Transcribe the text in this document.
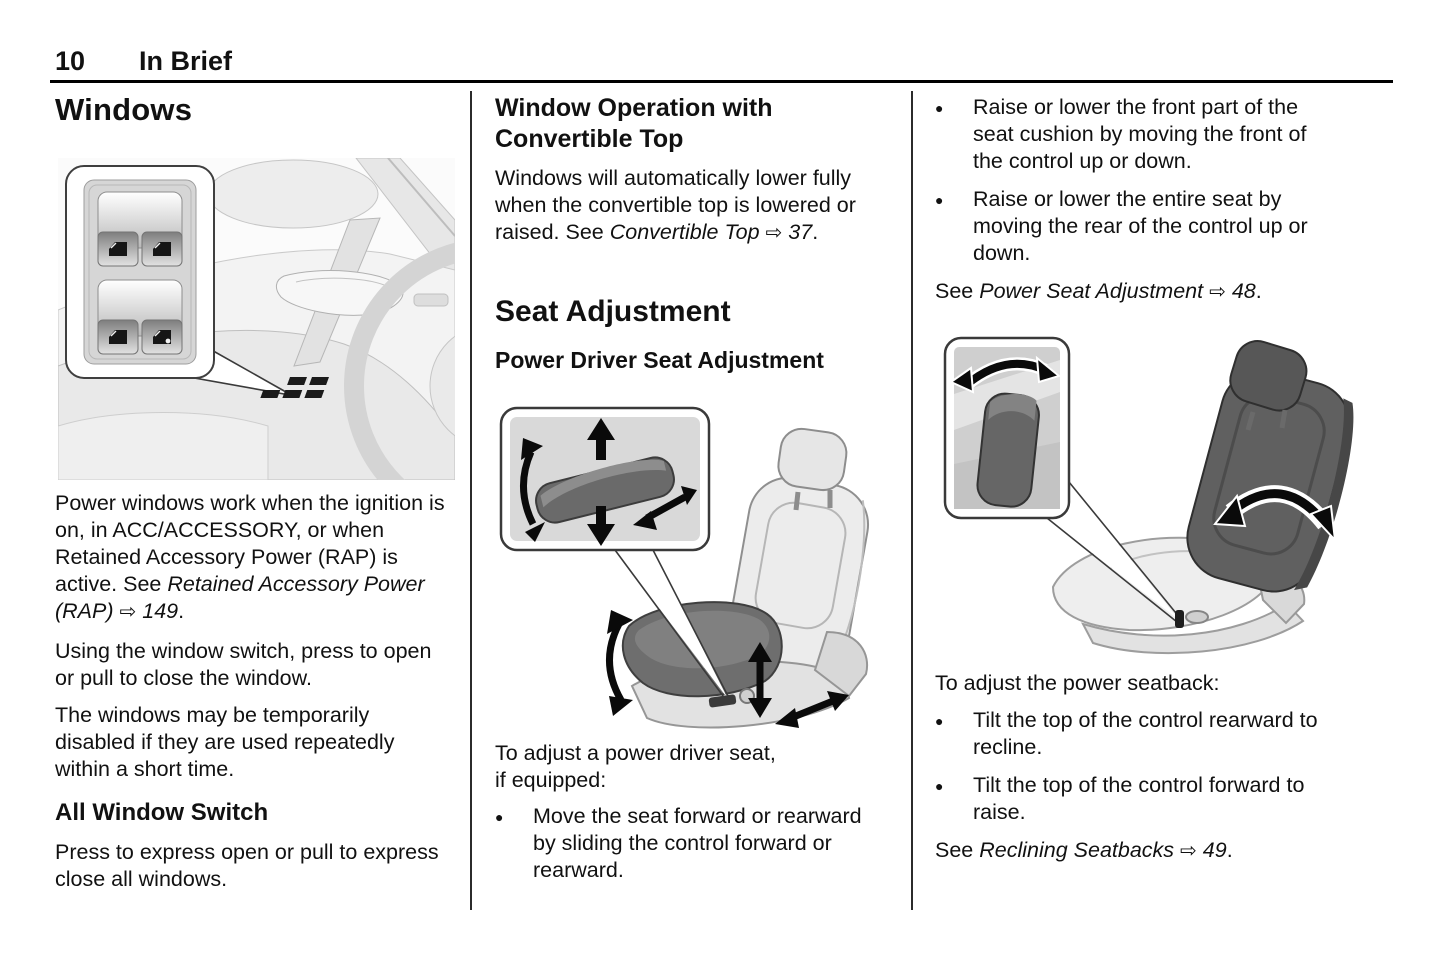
10 In Brief
Windows
Power windows work when the ignition is on, in ACC/ACCESSORY, or when Retained Accessory Power (RAP) is active. See Retained Accessory Power (RAP) ⇨ 149.
Using the window switch, press to open or pull to close the window.
The windows may be temporarily disabled if they are used repeatedly within a short time.
All Window Switch
Press to express open or pull to express close all windows.
Window Operation with Convertible Top
Windows will automatically lower fully when the convertible top is lowered or raised. See Convertible Top ⇨ 37.
Seat Adjustment
Power Driver Seat Adjustment
To adjust a power driver seat,
if equipped:
● Move the seat forward or rearward by sliding the control forward or rearward.
● Raise or lower the front part of the seat cushion by moving the front of the control up or down.
● Raise or lower the entire seat by moving the rear of the control up or down.
See Power Seat Adjustment ⇨ 48.
To adjust the power seatback:
● Tilt the top of the control rearward to recline.
● Tilt the top of the control forward to raise.
See Reclining Seatbacks ⇨ 49.
